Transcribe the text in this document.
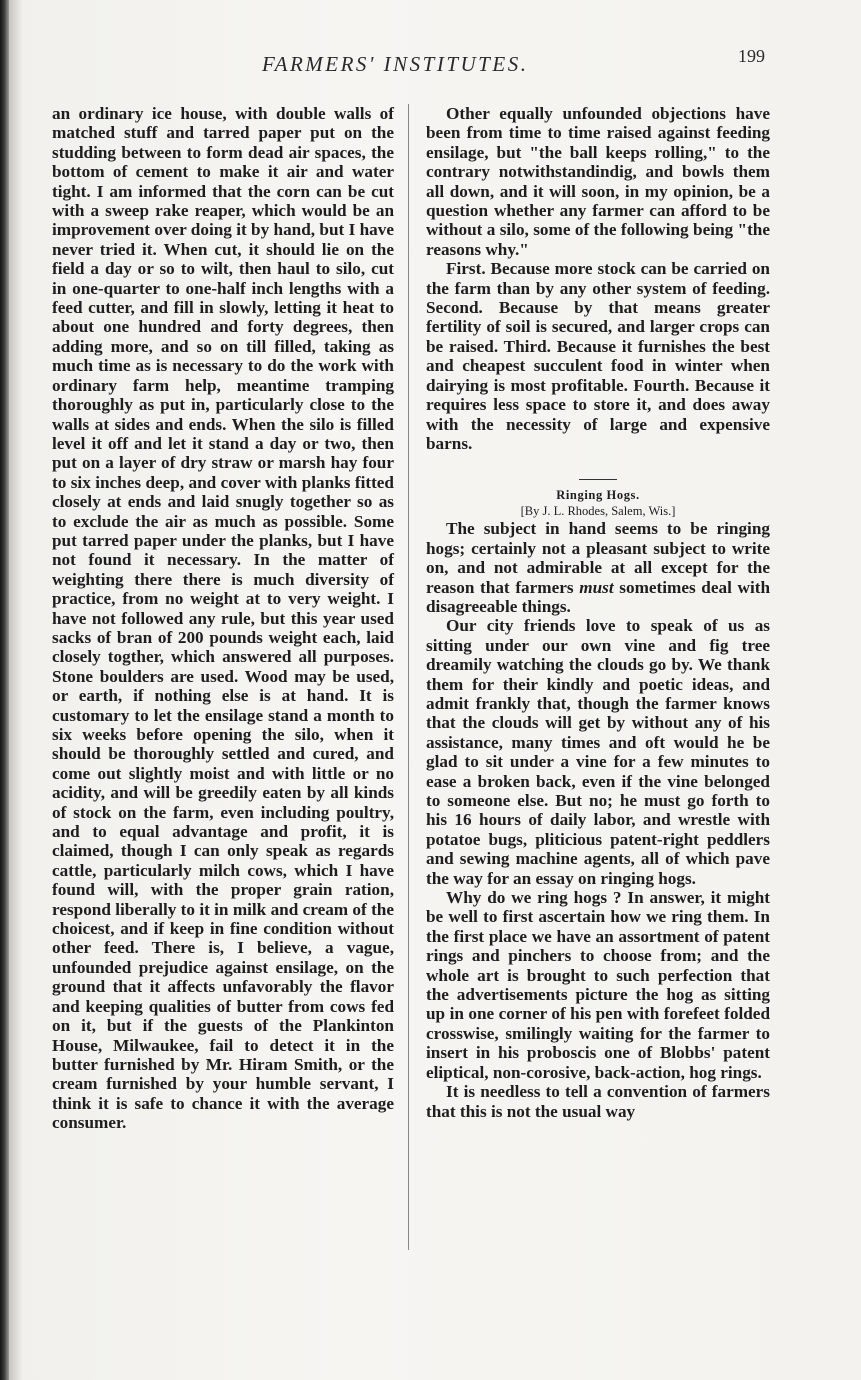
FARMERS' INSTITUTES.	199

an ordinary ice house, with double walls of matched stuff and tarred paper put on the studding between to form dead air spaces, the bottom of cement to make it air and water tight. I am informed that the corn can be cut with a sweep rake reaper, which would be an improvement over doing it by hand, but I have never tried it. When cut, it should lie on the field a day or so to wilt, then haul to silo, cut in one-quarter to one-half inch lengths with a feed cutter, and fill in slowly, letting it heat to about one hundred and forty degrees, then adding more, and so on till filled, taking as much time as is necessary to do the work with ordinary farm help, meantime tramping thoroughly as put in, particularly close to the walls at sides and ends. When the silo is filled level it off and let it stand a day or two, then put on a layer of dry straw or marsh hay four to six inches deep, and cover with planks fitted closely at ends and laid snugly together so as to exclude the air as much as possible. Some put tarred paper under the planks, but I have not found it necessary. In the matter of weighting there there is much diversity of practice, from no weight at to very weight. I have not followed any rule, but this year used sacks of bran of 200 pounds weight each, laid closely togther, which answered all purposes. Stone boulders are used. Wood may be used, or earth, if nothing else is at hand. It is customary to let the ensilage stand a month to six weeks before opening the silo, when it should be thoroughly settled and cured, and come out slightly moist and with little or no acidity, and will be greedily eaten by all kinds of stock on the farm, even including poultry, and to equal advantage and profit, it is claimed, though I can only speak as regards cattle, particularly milch cows, which I have found will, with the proper grain ration, respond liberally to it in milk and cream of the choicest, and if keep in fine condition without other feed. There is, I believe, a vague, unfounded prejudice against ensilage, on the ground that it affects unfavorably the flavor and keeping qualities of butter from cows fed on it, but if the guests of the Plankinton House, Milwaukee, fail to detect it in the butter furnished by Mr. Hiram Smith, or the cream furnished by your humble servant, I think it is safe to chance it with the average consumer.

Other equally unfounded objections have been from time to time raised against feeding ensilage, but "the ball keeps rolling," to the contrary notwithstandindig, and bowls them all down, and it will soon, in my opinion, be a question whether any farmer can afford to be without a silo, some of the following being "the reasons why."

First. Because more stock can be carried on the farm than by any other system of feeding. Second. Because by that means greater fertility of soil is secured, and larger crops can be raised. Third. Because it furnishes the best and cheapest succulent food in winter when dairying is most profitable. Fourth. Because it requires less space to store it, and does away with the necessity of large and expensive barns.

Ringing Hogs.

[By J. L. Rhodes, Salem, Wis.]

The subject in hand seems to be ringing hogs; certainly not a pleasant subject to write on, and not admirable at all except for the reason that farmers must sometimes deal with disagreeable things.

Our city friends love to speak of us as sitting under our own vine and fig tree dreamily watching the clouds go by. We thank them for their kindly and poetic ideas, and admit frankly that, though the farmer knows that the clouds will get by without any of his assistance, many times and oft would he be glad to sit under a vine for a few minutes to ease a broken back, even if the vine belonged to someone else. But no; he must go forth to his 16 hours of daily labor, and wrestle with potatoe bugs, pliticious patent-right peddlers and sewing machine agents, all of which pave the way for an essay on ringing hogs.

Why do we ring hogs ? In answer, it might be well to first ascertain how we ring them. In the first place we have an assortment of patent rings and pinchers to choose from; and the whole art is brought to such perfection that the advertisements picture the hog as sitting up in one corner of his pen with forefeet folded crosswise, smilingly waiting for the farmer to insert in his proboscis one of Blobbs' patent eliptical, non-corosive, back-action, hog rings.

It is needless to tell a convention of farmers that this is not the usual way
